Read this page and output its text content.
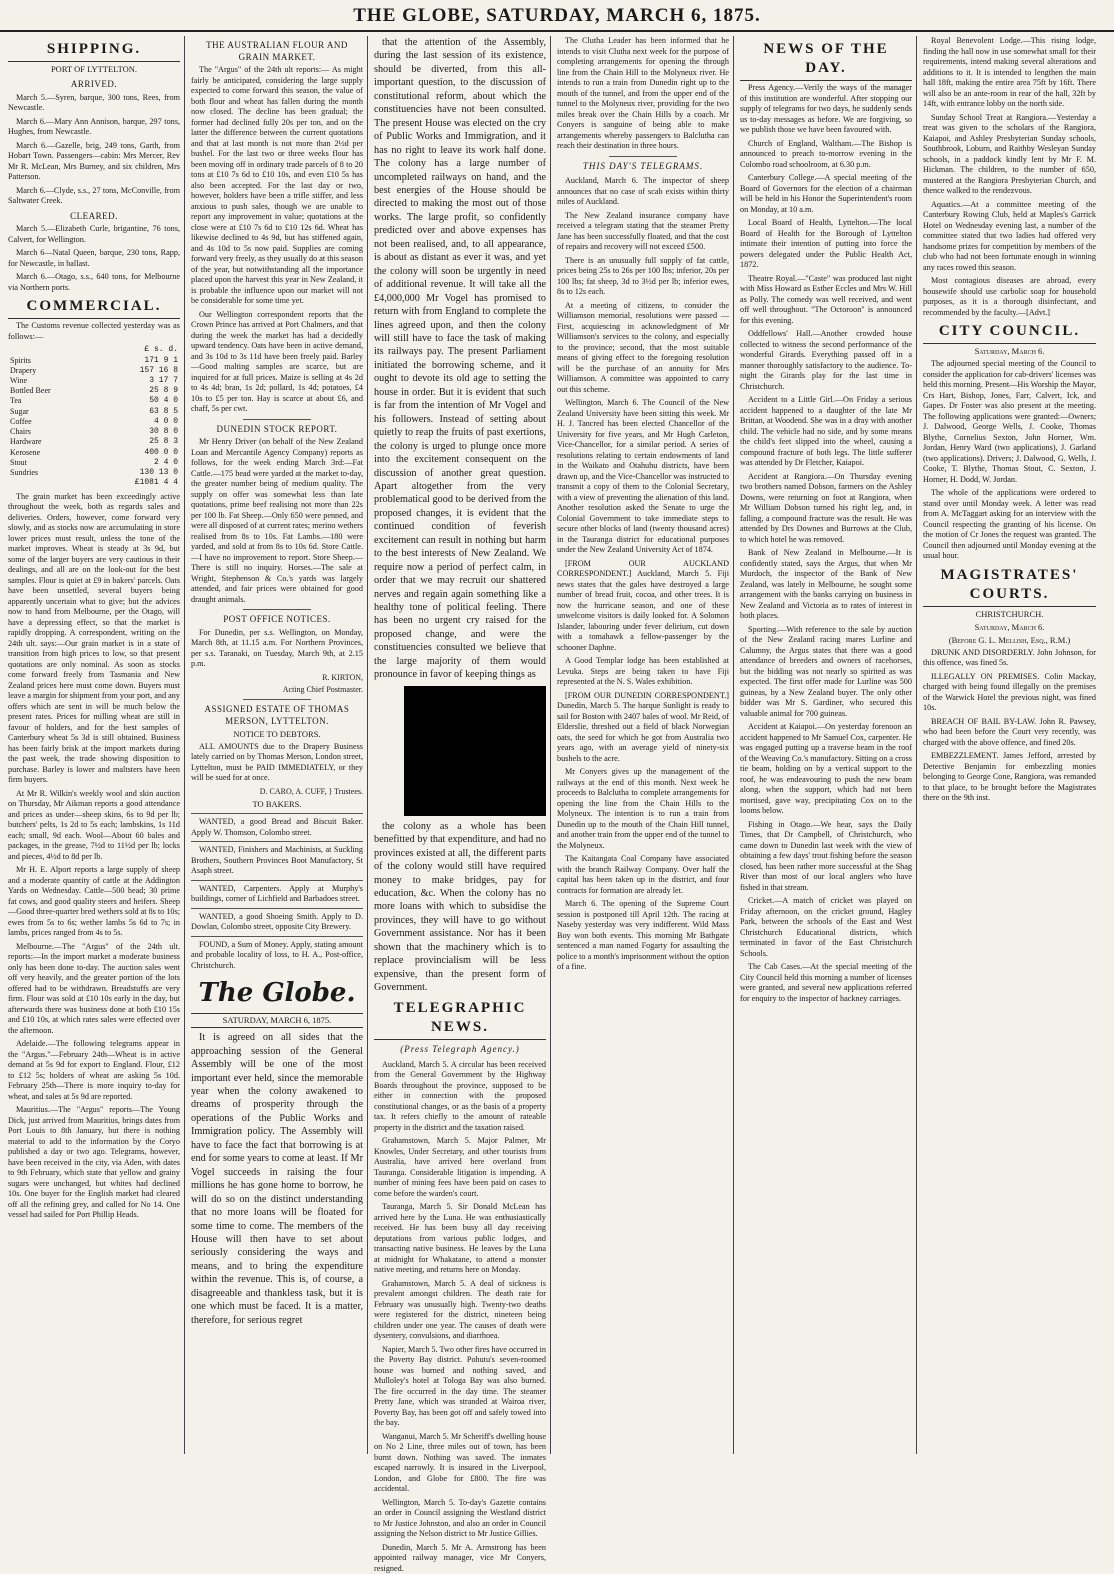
THE GLOBE, SATURDAY, MARCH 6, 1875.
SHIPPING.
PORT OF LYTTELTON.
ARRIVED.

March 5.—Syren, barque, 300 tons, Rees, from Newcastle.

March 6.—Mary Ann Annison, barque, 297 tons, Hughes, from Newcastle.

March 6.—Gazelle, brig, 249 tons, Garth, from Hobart Town. Passengers—cabin: Mrs Mercer, Rev Mr R. McLean, Mrs Burney, and six children, Mrs Patterson.

March 6.—Clyde, s.s., 27 tons, McConville, from Saltwater Creek.

CLEARED.

March 5.—Elizabeth Curle, brigantine, 76 tons, Calvert, for Wellington.

March 6—Natal Queen, barque, 230 tons, Rapp, for Newcastle, in ballast.

March 6.—Otago, s.s., 640 tons, for Melbourne via Northern ports.

COMMERCIAL.

The Customs revenue collected yesterday was as follows:—

	£ s. d.
Spirits	171 9 1
Drapery	157 16 8
Wine	3 17 7
Bottled Beer	25 8 9
Tea	50 4 0
Sugar	63 8 5
Coffee	4 0 0
Chairs	30 8 0
Hardware	25 8 3
Kerosene	400 0 0
Stout	2 4 0
Sundries	130 13 0
	£1081 4 4

The grain market has been exceedingly active throughout the week, both as regards sales and deliveries. Orders, however, come forward very slowly, and as stocks now are accumulating in store lower prices must result, unless the tone of the market improves. Wheat is steady at 3s 9d, but some of the larger buyers are very cautious in their dealings, and all are on the look-out for the best samples. Flour is quiet at £9 in bakers' parcels. Oats have been unsettled, several buyers being apparently uncertain what to give; but the advices now to hand from Melbourne, per the Otago, will have a depressing effect, so that the market is rapidly dropping. A correspondent, writing on the 24th ult. says:—Our grain market is in a state of transition from high prices to low, so that present quotations are only nominal. As soon as stocks come forward freely from Tasmania and New Zealand prices here must come down. Buyers must leave a margin for shipment from your port, and any offers which are sent in will be much below the present rates. Prices for milling wheat are still in favour of holders, and for the best samples of Canterbury wheat 5s 3d is still obtained. Business has been fairly brisk at the import markets during the past week, the trade showing disposition to purchase. Barley is lower and maltsters have been firm buyers.

At Mr R. Wilkin's weekly wool and skin auction on Thursday, Mr Aikman reports a good attendance and prices as under—sheep skins, 6s to 9d per lb; butchers' pelts, 1s 2d to 5s each; lambskins, 1s 11d each; small, 9d each. Wool—About 60 bales and packages, in the grease, 7½d to 11½d per lb; locks and pieces, 4½d to 8d per lb.

Mr H. E. Alport reports a large supply of sheep and a moderate quantity of cattle at the Addington Yards on Wednesday. Cattle—500 head; 30 prime fat cows, and good quality steers and heifers. Sheep—Good three-quarter bred wethers sold at 8s to 10s; ewes from 5s to 6s; wether lambs 5s 6d to 7s; in lambs, prices ranged from 4s to 5s.

Melbourne.—The "Argus" of the 24th ult. reports:—In the import market a moderate business only has been done to-day. The auction sales went off very heavily, and the greater portion of the lots offered had to be withdrawn. Breadstuffs are very firm. Flour was sold at £10 10s early in the day, but afterwards there was business done at both £10 15s and £10 10s, at which rates sales were effected over the afternoon.

Adelaide.—The following telegrams appear in the "Argus."—February 24th—Wheat is in active demand at 5s 9d for export to England. Flour, £12 to £12 5s; holders of wheat are asking 5s 10d. February 25th—There is more inquiry to-day for wheat, and sales at 5s 9d are reported.

Mauritius.—The "Argus" reports—The Young Dick, just arrived from Mauritius, brings dates from Port Louis to 8th January, but there is nothing material to add to the information by the Coryo published a day or two ago. Telegrams, however, have been received in the city, via Aden, with dates to 9th February, which state that yellow and grainy sugars were unchanged, but whites had declined 10s. One buyer for the English market had cleared off all the refining grey, and called for No 14. One vessel had sailed for Port Phillip Heads.

THE AUSTRALIAN FLOUR AND GRAIN MARKET.

The "Argus" of the 24th ult reports:— As might fairly be anticipated, considering the large supply expected to come forward this season, the value of both flour and wheat has fallen during the month now closed. The decline has been gradual; the former had declined fully 20s per ton, and on the latter the difference between the current quotations and that at last month is not more than 2½d per bushel. For the last two or three weeks flour has been moving off in ordinary trade parcels of 8 to 20 tons at £10 7s 6d to £10 10s, and even £10 5s has also been accepted. For the last day or two, however, holders have been a trifle stiffer, and less anxious to push sales, though we are unable to report any improvement in value; quotations at the close were at £10 7s 6d to £10 12s 6d. Wheat has likewise declined to 4s 9d, but has stiffened again, and 4s 10d to 5s now paid. Supplies are coming forward very freely, as they usually do at this season of the year, but notwithstanding all the importance placed upon the harvest this year in New Zealand, it is probable the influence upon our market will not be considerable for some time yet.

Our Wellington correspondent reports that the Crown Prince has arrived at Port Chalmers, and that during the week the market has had a decidedly upward tendency. Oats have been in active demand, and 3s 10d to 3s 11d have been freely paid. Barley—Good malting samples are scarce, but are inquired for at full prices. Maize is selling at 4s 2d to 4s 4d; bran, 1s 2d; pollard, 1s 4d; potatoes, £4 10s to £5 per ton. Hay is scarce at about £6, and chaff, 5s per cwt.

DUNEDIN STOCK REPORT.

Mr Henry Driver (on behalf of the New Zealand Loan and Mercantile Agency Company) reports as follows, for the week ending March 3rd:—Fat Cattle.—175 head were yarded at the market to-day, the greater number being of medium quality. The supply on offer was somewhat less than late quotations, prime beef realising not more than 22s per 100 lb. Fat Sheep.—Only 650 were penned, and were all disposed of at current rates; merino wethers realised from 8s to 10s. Fat Lambs.—180 were yarded, and sold at from 8s to 10s 6d. Store Cattle.—I have no improvement to report. Store Sheep.—There is still no inquiry. Horses.—The sale at Wright, Stephenson & Co.'s yards was largely attended, and fair prices were obtained for good draught animals.

POST OFFICE NOTICES.

For Dunedin, per s.s. Wellington, on Monday, March 8th, at 11.15 a.m. For Northern Provinces, per s.s. Taranaki, on Tuesday, March 9th, at 2.15 p.m.

R. KIRTON,
Acting Chief Postmaster.
ASSIGNED ESTATE OF THOMAS MERSON, LYTTELTON.
NOTICE TO DEBTORS.

ALL AMOUNTS due to the Drapery Business lately carried on by Thomas Merson, London street, Lyttelton, must be PAID IMMEDIATELY, or they will be sued for at once.

D. CARO, A. CUFF, } Trustees.
TO BAKERS.

WANTED, a good Bread and Biscuit Baker. Apply W. Thomson, Colombo street.

WANTED, Finishers and Machinists, at Suckling Brothers, Southern Provinces Boot Manufactory, St Asaph street.

WANTED, Carpenters. Apply at Murphy's buildings, corner of Lichfield and Barbadoes street.

WANTED, a good Shoeing Smith. Apply to D. Dowlan, Colombo street, opposite City Brewery.

FOUND, a Sum of Money. Apply, stating amount and probable locality of loss, to H. A., Post-office, Christchurch.

The Globe.
SATURDAY, MARCH 6, 1875.

It is agreed on all sides that the approaching session of the General Assembly will be one of the most important ever held, since the memorable year when the colony awakened to dreams of prosperity through the operations of the Public Works and Immigration policy. The Assembly will have to face the fact that borrowing is at end for some years to come at least. If Mr Vogel succeeds in raising the four millions he has gone home to borrow, he will do so on the distinct understanding that no more loans will be floated for some time to come. The members of the House will then have to set about seriously considering the ways and means, and to bring the expenditure within the revenue. This is, of course, a disagreeable and thankless task, but it is one which must be faced. It is a matter, therefore, for serious regret

that the attention of the Assembly, during the last session of its existence, should be diverted, from this all-important question, to the discussion of constitutional reform, about which the constituencies have not been consulted. The present House was elected on the cry of Public Works and Immigration, and it has no right to leave its work half done. The colony has a large number of uncompleted railways on hand, and the best energies of the House should be directed to making the most out of those works. The large profit, so confidently predicted over and above expenses has not been realised, and, to all appearance, is about as distant as ever it was, and yet the colony will soon be urgently in need of additional revenue. It will take all the £4,000,000 Mr Vogel has promised to return with from England to complete the lines agreed upon, and then the colony will still have to face the task of making its railways pay. The present Parliament initiated the borrowing scheme, and it ought to devote its old age to setting the house in order. But it is evident that such is far from the intention of Mr Vogel and his followers. Instead of setting about quietly to reap the fruits of past exertions, the colony is urged to plunge once more into the excitement consequent on the discussion of another great question. Apart altogether from the very problematical good to be derived from the proposed changes, it is evident that the continued condition of feverish excitement can result in nothing but harm to the best interests of New Zealand. We require now a period of perfect calm, in order that we may recruit our shattered nerves and regain again something like a healthy tone of political feeling. There has been no urgent cry raised for the proposed change, and were the constituencies consulted we believe that the large majority of them would pronounce in favor of keeping things as

the colony as a whole has been benefitted by that expenditure, and had no provinces existed at all, the different parts of the colony would still have required money to make bridges, pay for education, &c. When the colony has no more loans with which to subsidise the provinces, they will have to go without Government assistance. Nor has it been shown that the machinery which is to replace provincialism will be less expensive, than the present form of Government.

TELEGRAPHIC NEWS.
(Press Telegraph Agency.)

Auckland, March 5. A circular has been received from the General Government by the Highway Boards throughout the province, supposed to be either in connection with the proposed constitutional changes, or as the basis of a property tax. It refers chiefly to the amount of rateable property in the district and the taxation raised.

Grahamstown, March 5. Major Palmer, Mr Knowles, Under Secretary, and other tourists from Australia, have arrived here overland from Tauranga. Considerable litigation is impending. A number of mining fees have been paid on cases to come before the warden's court.

Tauranga, March 5. Sir Donald McLean has arrived here by the Luna. He was enthusiastically received. He has been busy all day receiving deputations from various public lodges, and transacting native business. He leaves by the Luna at midnight for Whakatane, to attend a monster native meeting, and returns here on Monday.

Grahamstown, March 5. A deal of sickness is prevalent amongst children. The death rate for February was unusually high. Twenty-two deaths were registered for the district, nineteen being children under one year. The causes of death were dysentery, convulsions, and diarrhoea.

Napier, March 5. Two other fires have occurred in the Poverty Bay district. Pohutu's seven-roomed house was burned and nothing saved, and Mulloley's hotel at Tologa Bay was also burned. The fire occurred in the day time. The steamer Pretty Jane, which was stranded at Wairoa river, Poverty Bay, has been got off and safely towed into the bay.

Wanganui, March 5. Mr Scheriff's dwelling house on No 2 Line, three miles out of town, has been burnt down. Nothing was saved. The inmates escaped narrowly. It is insured in the Liverpool, London, and Globe for £800. The fire was accidental.

Wellington, March 5. To-day's Gazette contains an order in Council assigning the Westland district to Mr Justice Johnston, and also an order in Council assigning the Nelson district to Mr Justice Gillies.

Dunedin, March 5. Mr A. Armstrong has been appointed railway manager, vice Mr Conyers, resigned.

The Clutha Leader has been informed that he intends to visit Clutha next week for the purpose of completing arrangements for opening the through line from the Chain Hill to the Molyneux river. He intends to run a train from Dunedin right up to the mouth of the tunnel, and from the upper end of the tunnel to the Molyneux river, providing for the two miles break over the Chain Hills by a coach. Mr Conyers is sanguine of being able to make arrangements whereby passengers to Balclutha can reach their destination in three hours.

THIS DAY'S TELEGRAMS.

Auckland, March 6. The inspector of sheep announces that no case of scab exists within thirty miles of Auckland.

The New Zealand insurance company have received a telegram stating that the steamer Pretty Jane has been successfully floated, and that the cost of repairs and recovery will not exceed £500.

There is an unusually full supply of fat cattle, prices being 25s to 26s per 100 lbs; inferior, 20s per 100 lbs; fat sheep, 3d to 3½d per lb; inferior ewes, 8s to 12s each.

At a meeting of citizens, to consider the Williamson memorial, resolutions were passed —First, acquiescing in acknowledgment of Mr Williamson's services to the colony, and especially to the province; second, that the most suitable means of giving effect to the foregoing resolution will be the purchase of an annuity for Mrs Williamson. A committee was appointed to carry out this scheme.

Wellington, March 6. The Council of the New Zealand University have been sitting this week. Mr H. J. Tancred has been elected Chancellor of the University for five years, and Mr Hugh Carleton, Vice-Chancellor, for a similar period. A series of resolutions relating to certain endowments of land in the Waikato and Otahuhu districts, have been drawn up, and the Vice-Chancellor was instructed to transmit a copy of them to the Colonial Secretary, with a view of preventing the alienation of this land. Another resolution asked the Senate to urge the Colonial Government to take immediate steps to secure other blocks of land (twenty thousand acres) in the Tauranga district for educational purposes under the New Zealand University Act of 1874.

[FROM OUR AUCKLAND CORRESPONDENT.] Auckland, March 5. Fiji news states that the gales have destroyed a large number of bread fruit, cocoa, and other trees. It is now the hurricane season, and one of these unwelcome visitors is daily looked for. A Solomon Islander, labouring under fever delirium, cut down with a tomahawk a fellow-passenger by the schooner Daphne.

A Good Templar lodge has been established at Levuka. Steps are being taken to have Fiji represented at the N. S. Wales exhibition.

[FROM OUR DUNEDIN CORRESPONDENT.] Dunedin, March 5. The barque Sunlight is ready to sail for Boston with 2407 bales of wool. Mr Reid, of Elderslie, threshed out a field of black Norwegian oats, the seed for which he got from Australia two years ago, with an average yield of ninety-six bushels to the acre.

Mr Conyers gives up the management of the railways at the end of this month. Next week he proceeds to Balclutha to complete arrangements for opening the line from the Chain Hills to the Molyneux. The intention is to run a train from Dunedin up to the mouth of the Chain Hill tunnel, and another train from the upper end of the tunnel to the Molyneux.

The Kaitangata Coal Company have associated with the branch Railway Company. Over half the capital has been taken up in the district, and four contracts for formation are already let.

March 6. The opening of the Supreme Court session is postponed till April 12th. The racing at Naseby yesterday was very indifferent. Wild Mass Boy won both events. This morning Mr Bathgate sentenced a man named Fogarty for assaulting the police to a month's imprisonment without the option of a fine.

NEWS OF THE DAY.

Press Agency.—Verily the ways of the manager of this institution are wonderful. After stopping our supply of telegrams for two days, he suddenly sends us to-day messages as before. We are forgiving, so we publish those we have been favoured with.

Church of England, Waltham.—The Bishop is announced to preach to-morrow evening in the Colombo road schoolroom, at 6.30 p.m.

Canterbury College.—A special meeting of the Board of Governors for the election of a chairman will be held in his Honor the Superintendent's room on Monday, at 10 a.m.

Local Board of Health, Lyttelton.—The local Board of Health for the Borough of Lyttelton intimate their intention of putting into force the powers delegated under the Public Health Act, 1872.

Theatre Royal.—"Caste" was produced last night with Miss Howard as Esther Eccles and Mrs W. Hill as Polly. The comedy was well received, and went off well throughout. "The Octoroon" is announced for this evening.

Oddfellows' Hall.—Another crowded house collected to witness the second performance of the wonderful Girards. Everything passed off in a manner thoroughly satisfactory to the audience. To-night the Girards play for the last time in Christchurch.

Accident to a Little Girl.—On Friday a serious accident happened to a daughter of the late Mr Brittan, at Woodend. She was in a dray with another child. The vehicle had no side, and by some means the child's feet slipped into the wheel, causing a compound fracture of both legs. The little sufferer was attended by Dr Fletcher, Kaiapoi.

Accident at Rangiora.—On Thursday evening two brothers named Dobson, farmers on the Ashley Downs, were returning on foot at Rangiora, when Mr William Dobson turned his right leg, and, in falling, a compound fracture was the result. He was attended by Drs Downes and Burrows at the Club, to which hotel he was removed.

Bank of New Zealand in Melbourne.—It is confidently stated, says the Argus, that when Mr Murdoch, the inspector of the Bank of New Zealand, was lately in Melbourne, he sought some arrangement with the banks carrying on business in New Zealand and Victoria as to rates of interest in both places.

Sporting.—With reference to the sale by auction of the New Zealand racing mares Lurline and Calumny, the Argus states that there was a good attendance of breeders and owners of racehorses, but the bidding was not nearly so spirited as was expected. The first offer made for Lurline was 500 guineas, by a New Zealand buyer. The only other bidder was Mr S. Gardiner, who secured this valuable animal for 700 guineas.

Accident at Kaiapoi.—On yesterday forenoon an accident happened to Mr Samuel Cox, carpenter. He was engaged putting up a traverse beam in the roof of the Weaving Co.'s manufactory. Sitting on a cross tie beam, holding on by a vertical support to the roof, he was endeavouring to push the new beam along, when the support, which had not been mortised, gave way, precipitating Cox on to the looms below.

Fishing in Otago.—We hear, says the Daily Times, that Dr Campbell, of Christchurch, who came down to Dunedin last week with the view of obtaining a few days' trout fishing before the season closed, has been rather more successful at the Shag River than most of our local anglers who have fished in that stream.

Cricket.—A match of cricket was played on Friday afternoon, on the cricket ground, Hagley Park, between the schools of the East and West Christchurch Educational districts, which terminated in favor of the East Christchurch Schools.

The Cab Cases.—At the special meeting of the City Council held this morning a number of licenses were granted, and several new applications referred for enquiry to the inspector of hackney carriages.

Royal Benevolent Lodge.—This rising lodge, finding the hall now in use somewhat small for their requirements, intend making several alterations and additions to it. It is intended to lengthen the main hall 18ft, making the entire area 75ft by 16ft. There will also be an ante-room in rear of the hall, 32ft by 14ft, with entrance lobby on the north side.

Sunday School Treat at Rangiora.—Yesterday a treat was given to the scholars of the Rangiora, Kaiapoi, and Ashley Presbyterian Sunday schools, Southbrook, Loburn, and Raithby Wesleyan Sunday schools, in a paddock kindly lent by Mr F. M. Hickman. The children, to the number of 650, mustered at the Rangiora Presbyterian Church, and thence walked to the rendezvous.

Aquatics.—At a committee meeting of the Canterbury Rowing Club, held at Maples's Garrick Hotel on Wednesday evening last, a number of the committee stated that two ladies had offered very handsome prizes for competition by members of the club who had not been fortunate enough in winning any races rowed this season.

Most contagious diseases are abroad, every housewife should use carbolic soap for household purposes, as it is a thorough disinfectant, and recommended by the faculty.—[Advt.]

CITY COUNCIL.
Saturday, March 6.

The adjourned special meeting of the Council to consider the application for cab-drivers' licenses was held this morning. Present—His Worship the Mayor, Crs Hart, Bishop, Jones, Farr, Calvert, Ick, and Gapes. Dr Foster was also present at the meeting. The following applications were granted:—Owners; J. Dalwood, George Wells, J. Cooke, Thomas Blythe, Cornelius Sexton, John Horner, Wm. Jordan, Henry Ward (two applications), J. Garland (two applications). Drivers; J. Dalwood, G. Wells, J. Cooke, T. Blythe, Thomas Stout, C. Sexton, J. Horner, H. Dodd, W. Jordan.

The whole of the applications were ordered to stand over until Monday week. A letter was read from A. McTaggart asking for an interview with the Council respecting the granting of his license. On the motion of Cr Jones the request was granted. The Council then adjourned until Monday evening at the usual hour.

MAGISTRATES' COURTS.
CHRISTCHURCH.
Saturday, March 6.
(Before G. L. Mellish, Esq., R.M.)

DRUNK AND DISORDERLY. John Johnson, for this offence, was fined 5s.

ILLEGALLY ON PREMISES. Colin Mackay, charged with being found illegally on the premises of the Warwick Hotel the previous night, was fined 10s.

BREACH OF BAIL BY-LAW. John R. Pawsey, who had been before the Court very recently, was charged with the above offence, and fined 20s.

EMBEZZLEMENT. James Jefford, arrested by Detective Benjamin for embezzling monies belonging to George Cone, Rangiora, was remanded to that place, to be brought before the Magistrates there on the 9th inst.
